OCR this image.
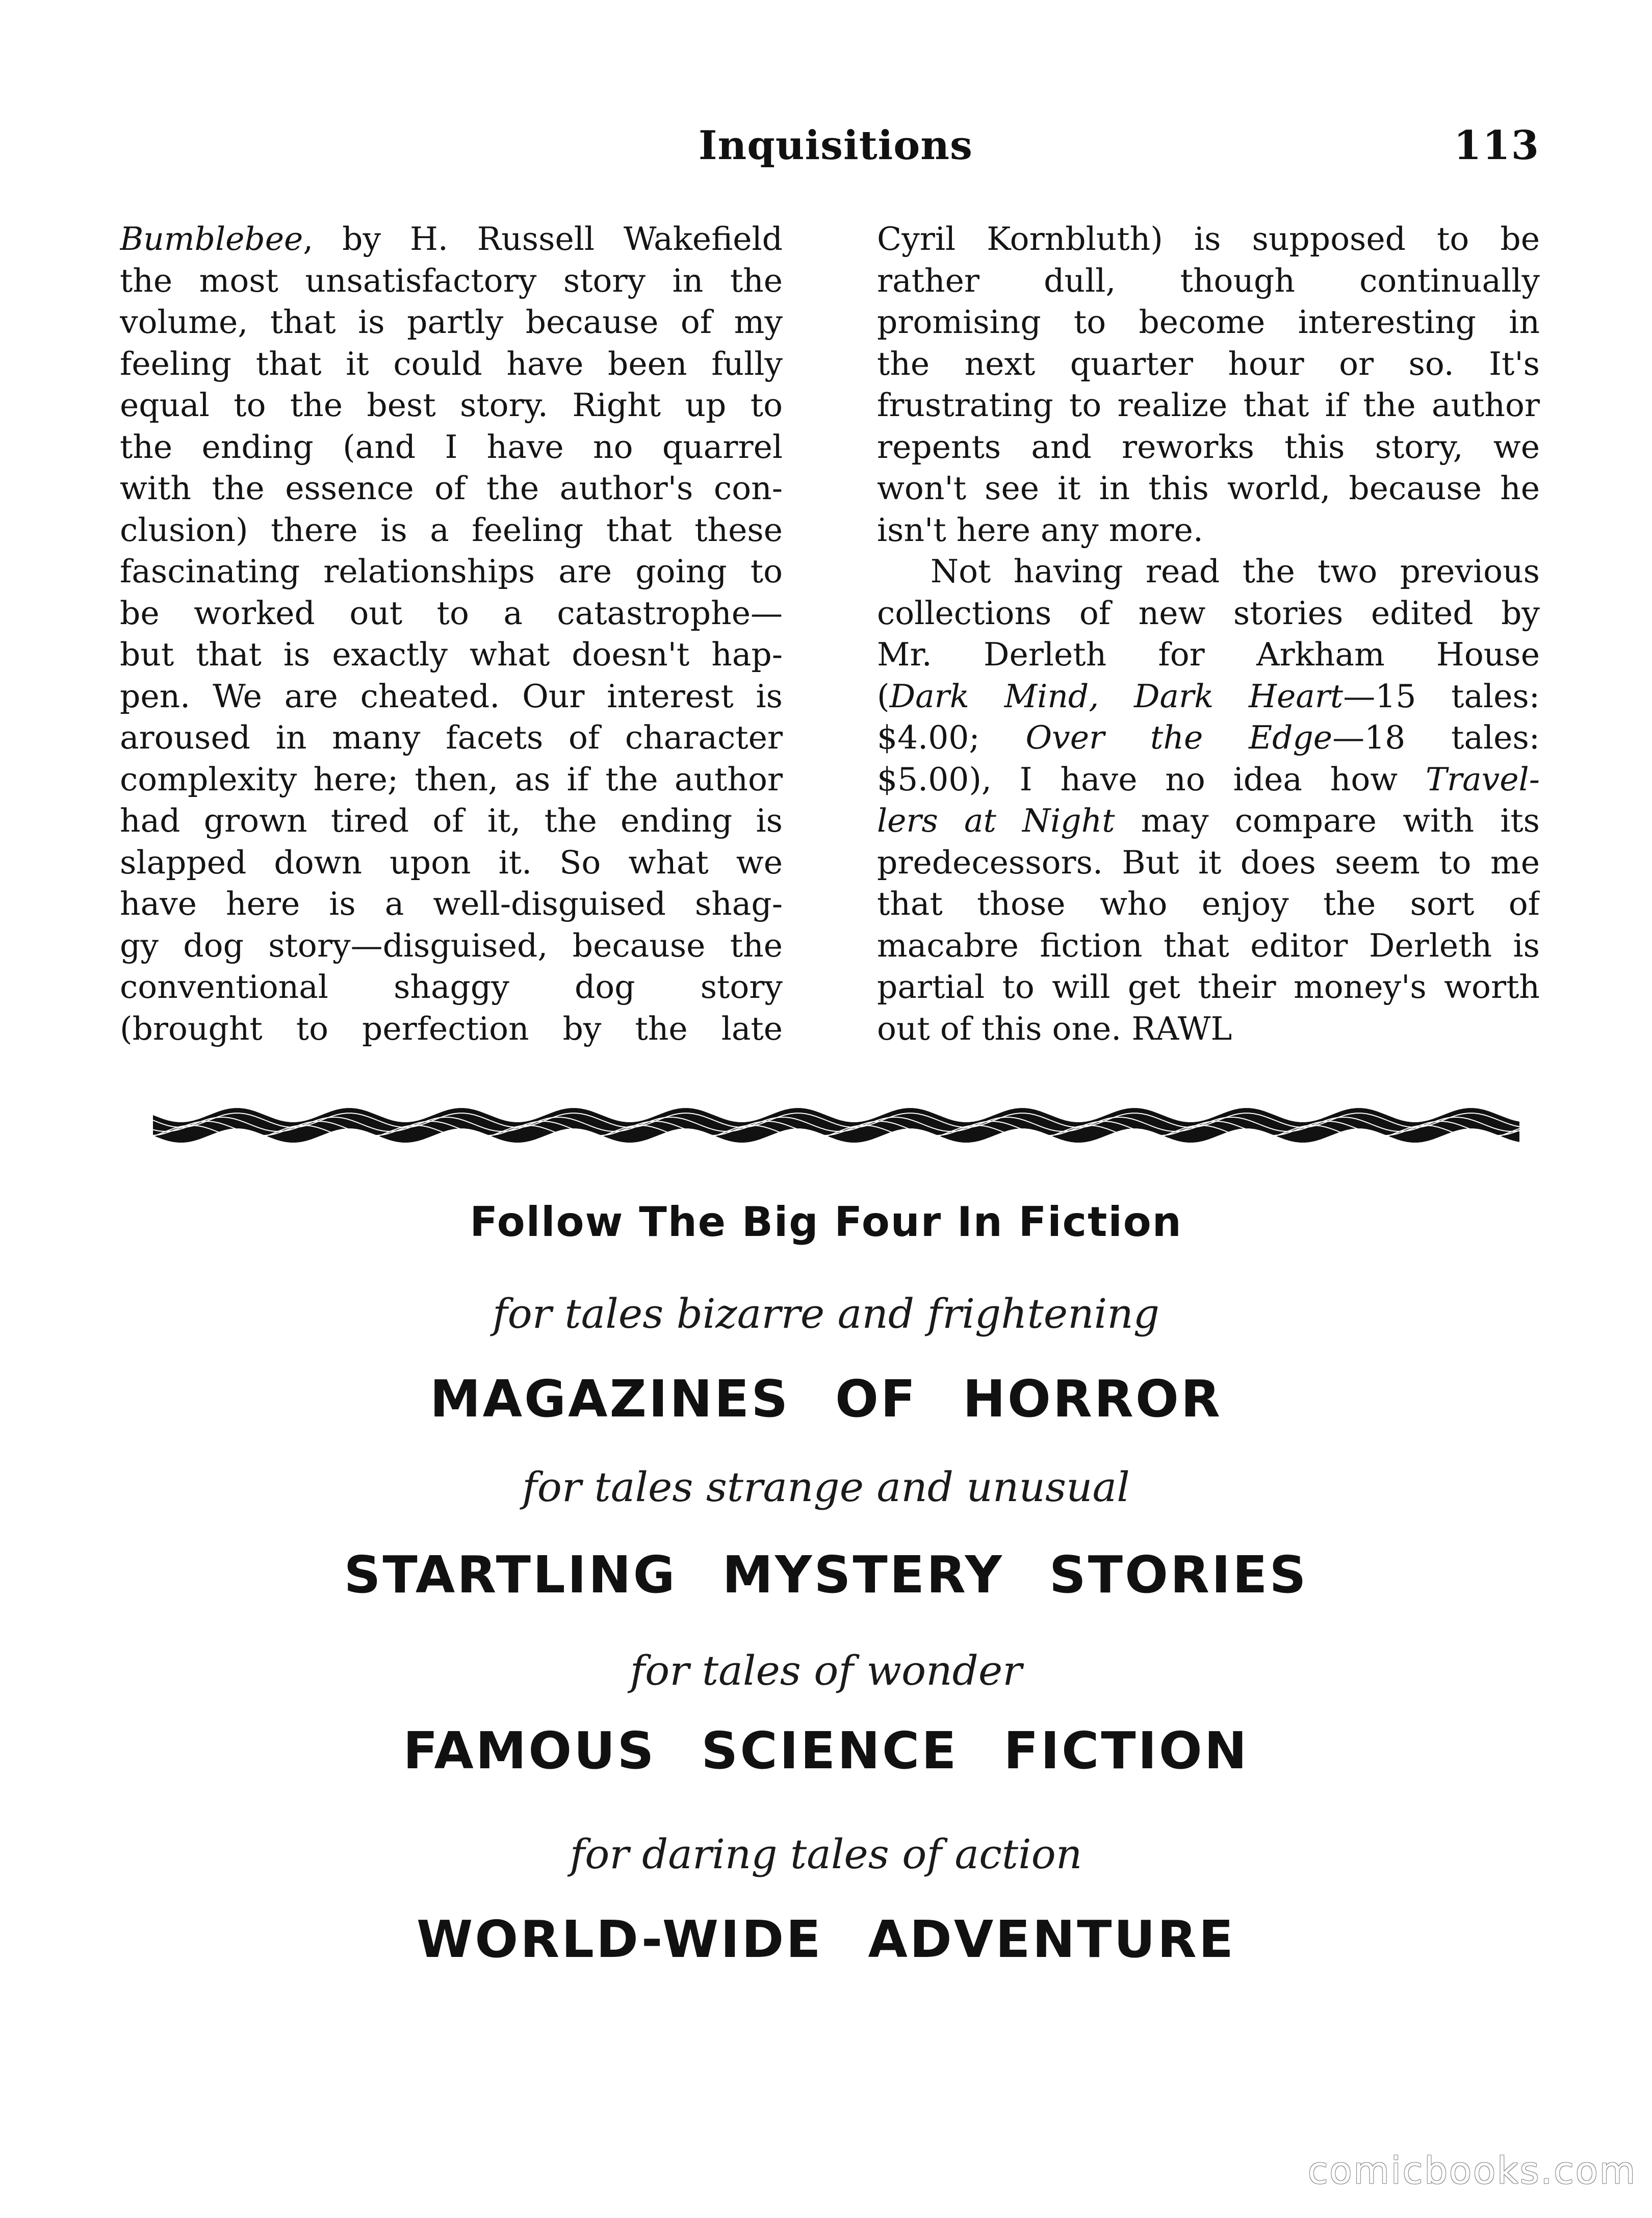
Inquisitions	113
Bumblebee, by H. Russell Wakefield
the most unsatisfactory story in the
volume, that is partly because of my
feeling that it could have been fully
equal to the best story. Right up to
the ending (and I have no quarrel
with the essence of the author's con-
clusion) there is a feeling that these
fascinating relationships are going to
be worked out to a catastrophe—
but that is exactly what doesn't hap-
pen. We are cheated. Our interest is
aroused in many facets of character
complexity here; then, as if the author
had grown tired of it, the ending is
slapped down upon it. So what we
have here is a well-disguised shag-
gy dog story—disguised, because the
conventional shaggy dog story
(brought to perfection by the late
Cyril Kornbluth) is supposed to be
rather dull, though continually
promising to become interesting in
the next quarter hour or so. It's
frustrating to realize that if the author
repents and reworks this story, we
won't see it in this world, because he
isn't here any more.
Not having read the two previous
collections of new stories edited by
Mr. Derleth for Arkham House
(Dark Mind, Dark Heart—15 tales:
$4.00; Over the Edge—18 tales:
$5.00), I have no idea how Travel-
lers at Night may compare with its
predecessors. But it does seem to me
that those who enjoy the sort of
macabre fiction that editor Derleth is
partial to will get their money's worth
out of this one. RAWL
Follow The Big Four In Fiction
for tales bizarre and frightening
MAGAZINES OF HORROR
for tales strange and unusual
STARTLING MYSTERY STORIES
for tales of wonder
FAMOUS SCIENCE FICTION
for daring tales of action
WORLD-WIDE ADVENTURE
comicbooks.com
